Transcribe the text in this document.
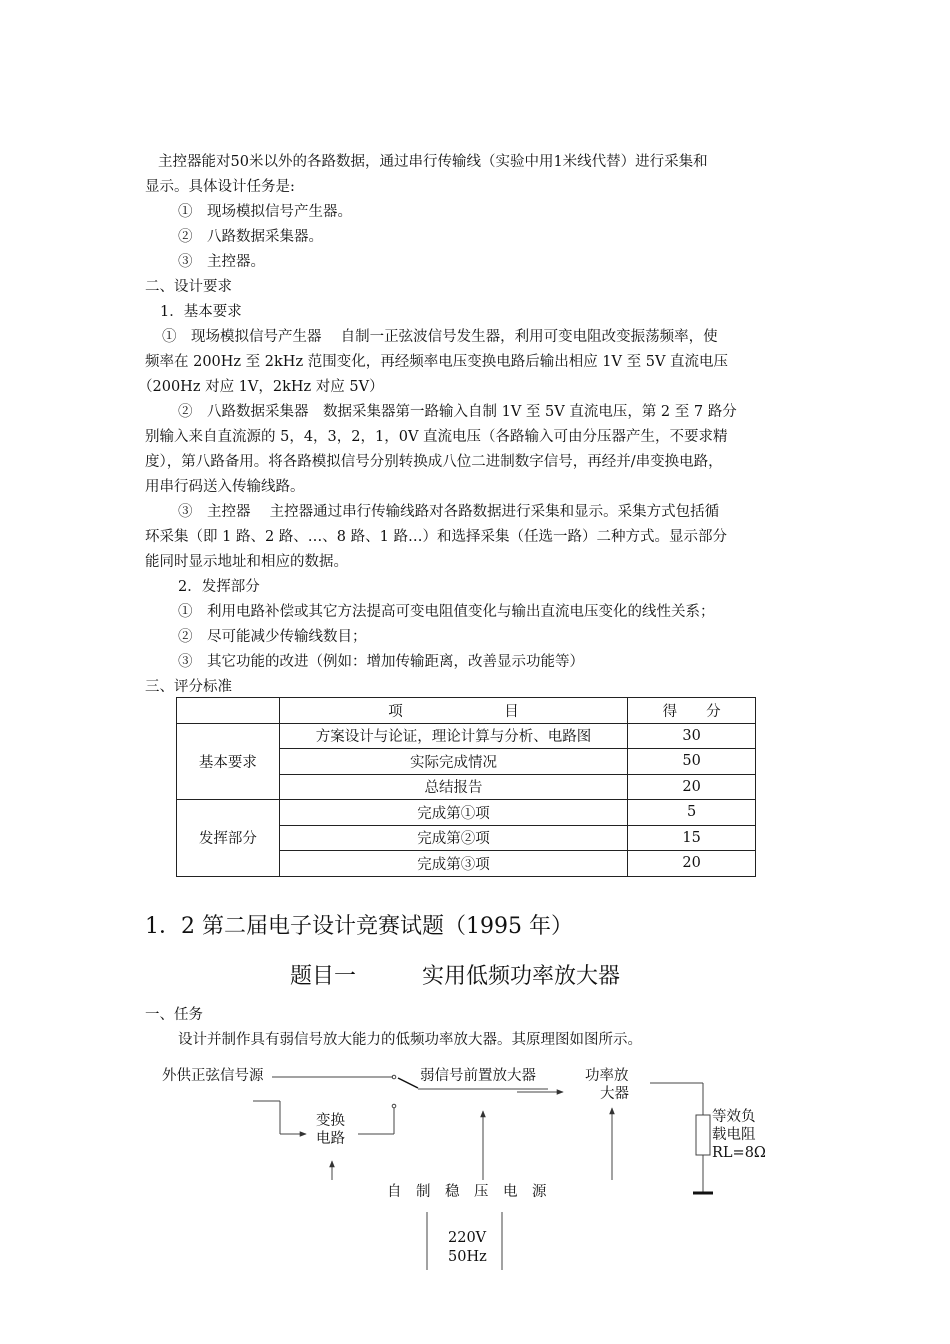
主控器能对50米以外的各路数据，通过串行传输线（实验中用1米线代替）进行采集和
显示。具体设计任务是:
①　现场模拟信号产生器。
②　八路数据采集器。
③　主控器。
二、设计要求
1．基本要求
①　现场模拟信号产生器　 自制一正弦波信号发生器，利用可变电阻改变振荡频率，使
频率在 200Hz 至 2kHz 范围变化，再经频率电压变换电路后输出相应 1V 至 5V 直流电压
（200Hz 对应 1V，2kHz 对应 5V）
②　八路数据采集器　数据采集器第一路输入自制 1V 至 5V 直流电压，第 2 至 7 路分
别输入来自直流源的 5，4，3，2，1，0V 直流电压（各路输入可由分压器产生，不要求精
度），第八路备用。将各路模拟信号分别转换成八位二进制数字信号，再经并/串变换电路，
用串行码送入传输线路。
③　主控器　 主控器通过串行传输线路对各路数据进行采集和显示。采集方式包括循
环采集（即 1 路、2 路、…、8 路、1 路…）和选择采集（任选一路）二种方式。显示部分
能同时显示地址和相应的数据。
2．发挥部分
①　利用电路补偿或其它方法提高可变电阻值变化与输出直流电压变化的线性关系；
②　尽可能减少传输线数目；
③　其它功能的改进（例如：增加传输距离，改善显示功能等）
三、评分标准
	项　　　　　　　目	得　　分
基本要求	方案设计与论证，理论计算与分析、电路图	30
	实际完成情况	50
	总结报告	20
发挥部分	完成第①项	5
	完成第②项	15
	完成第③项	20
1．2 第二届电子设计竞赛试题（1995 年）
题目一　　　实用低频功率放大器
一、任务
设计并制作具有弱信号放大能力的低频功率放大器。其原理图如图所示。
外供正弦信号源	弱信号前置放大器	功率放
大器
变换
电路
等效负
载电阻
RL=8Ω
自　制　稳　压　电　源
220V
50Hz
